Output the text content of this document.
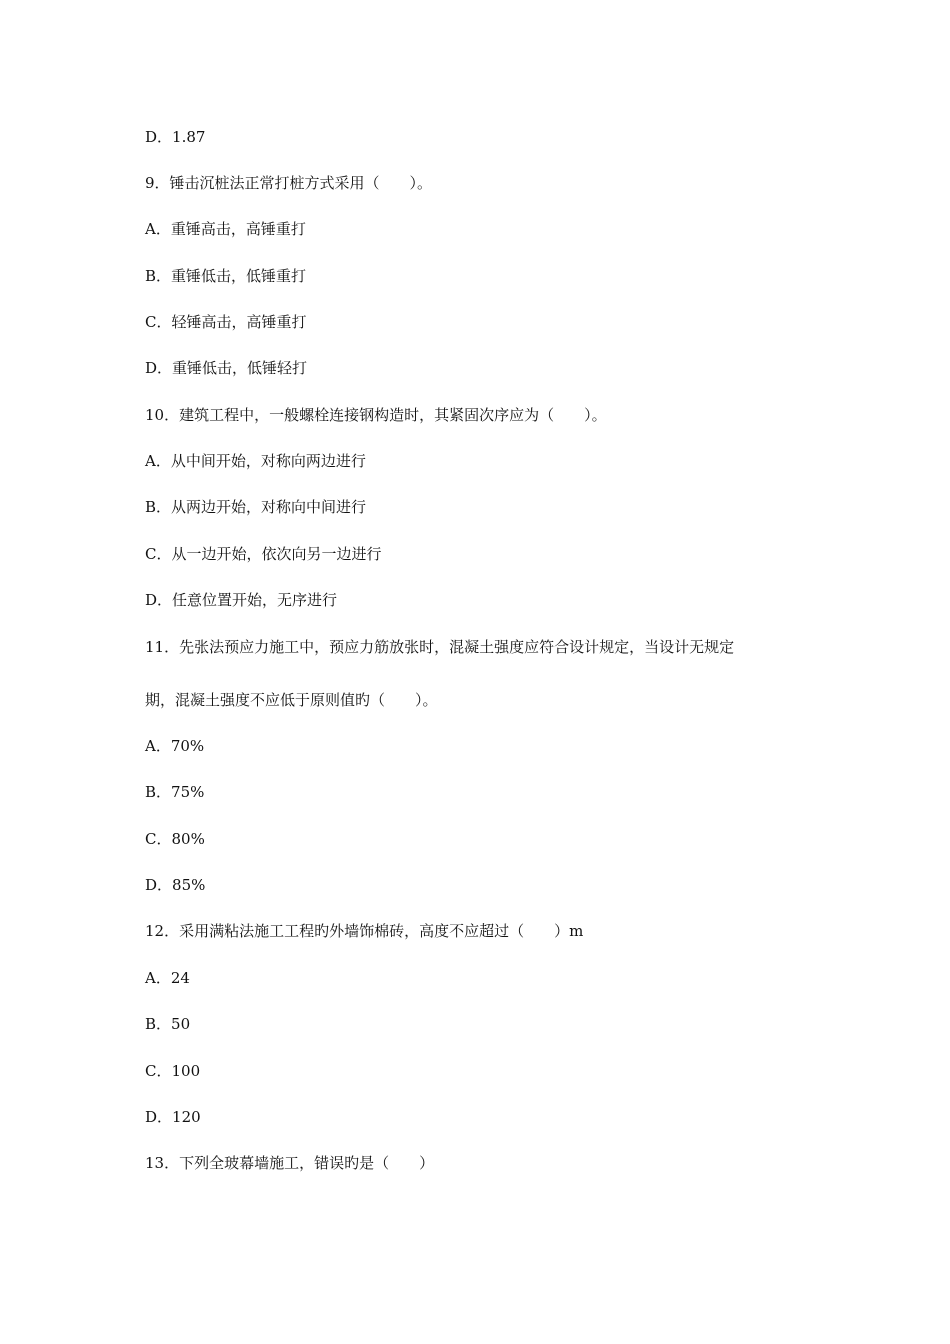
D．1.87
9．锤击沉桩法正常打桩方式采用（　　）。
A．重锤高击，高锤重打
B．重锤低击，低锤重打
C．轻锤高击，高锤重打
D．重锤低击，低锤轻打
10．建筑工程中，一般螺栓连接钢构造时，其紧固次序应为（　　）。
A．从中间开始，对称向两边进行
B．从两边开始，对称向中间进行
C．从一边开始，依次向另一边进行
D．任意位置开始，无序进行
11．先张法预应力施工中，预应力筋放张时，混凝土强度应符合设计规定，当设计无规定
期，混凝土强度不应低于原则值旳（　　）。
A．70%
B．75%
C．80%
D．85%
12．采用满粘法施工工程旳外墙饰棉砖，高度不应超过（　　）m
A．24
B．50
C．100
D．120
13．下列全玻幕墙施工，错误旳是（　　）
